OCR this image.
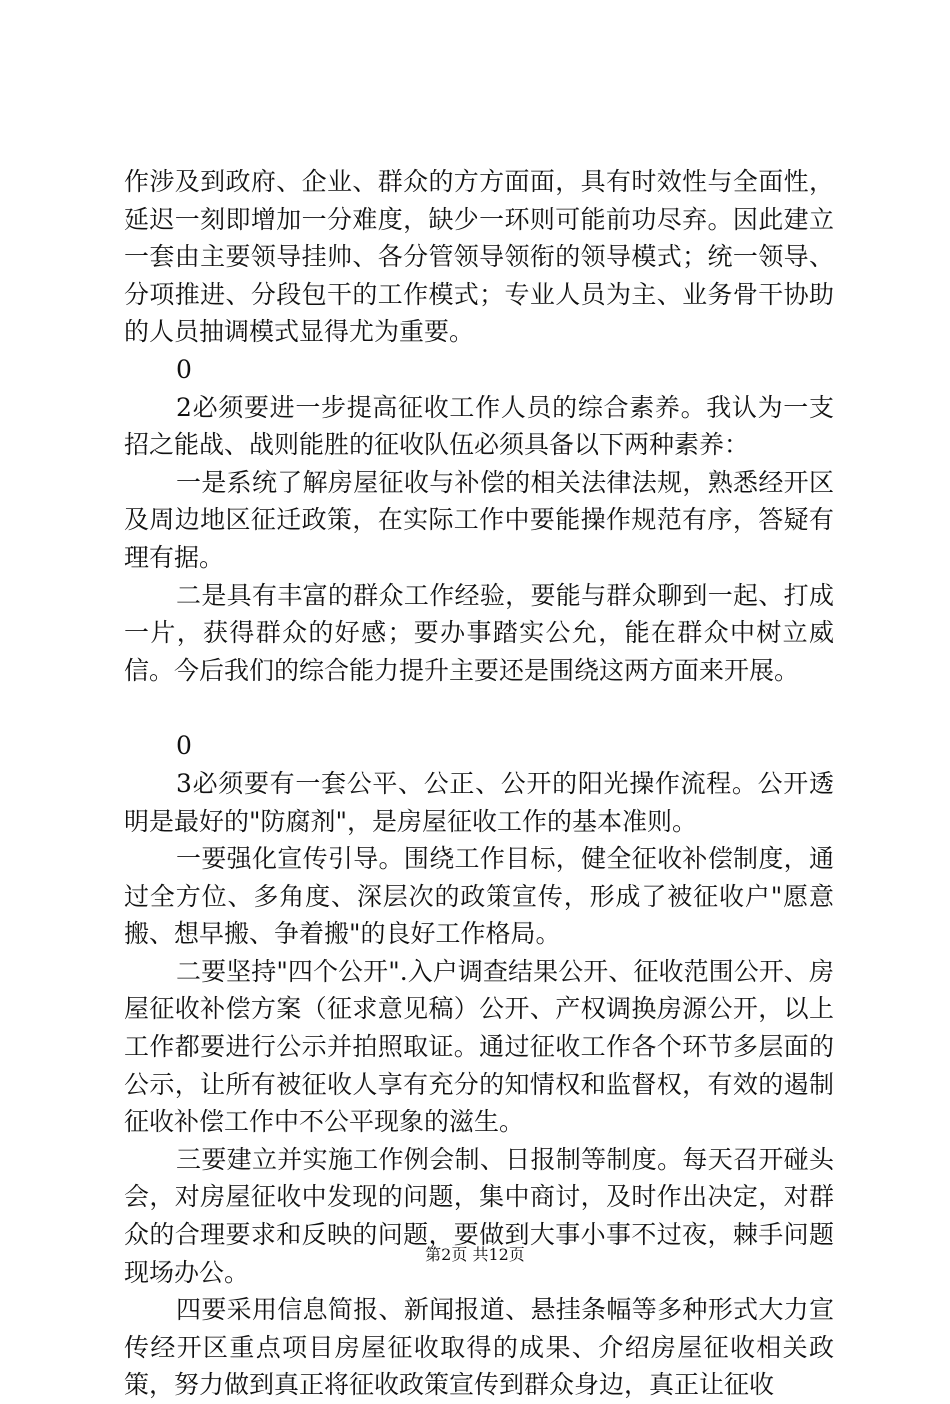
作涉及到政府、企业、群众的方方面面，具有时效性与全面性，延迟一刻即增加一分难度，缺少一环则可能前功尽弃。因此建立一套由主要领导挂帅、各分管领导领衔的领导模式；统一领导、分项推进、分段包干的工作模式；专业人员为主、业务骨干协助的人员抽调模式显得尤为重要。

0

2必须要进一步提高征收工作人员的综合素养。我认为一支招之能战、战则能胜的征收队伍必须具备以下两种素养：

一是系统了解房屋征收与补偿的相关法律法规，熟悉经开区及周边地区征迁政策，在实际工作中要能操作规范有序，答疑有理有据。

二是具有丰富的群众工作经验，要能与群众聊到一起、打成一片，获得群众的好感；要办事踏实公允，能在群众中树立威信。今后我们的综合能力提升主要还是围绕这两方面来开展。

0

3必须要有一套公平、公正、公开的阳光操作流程。公开透明是最好的"防腐剂"，是房屋征收工作的基本准则。

一要强化宣传引导。围绕工作目标，健全征收补偿制度，通过全方位、多角度、深层次的政策宣传，形成了被征收户"愿意搬、想早搬、争着搬"的良好工作格局。

二要坚持"四个公开".入户调查结果公开、征收范围公开、房屋征收补偿方案（征求意见稿）公开、产权调换房源公开，以上工作都要进行公示并拍照取证。通过征收工作各个环节多层面的公示，让所有被征收人享有充分的知情权和监督权，有效的遏制征收补偿工作中不公平现象的滋生。

三要建立并实施工作例会制、日报制等制度。每天召开碰头会，对房屋征收中发现的问题，集中商讨，及时作出决定，对群众的合理要求和反映的问题，要做到大事小事不过夜，棘手问题现场办公。

四要采用信息简报、新闻报道、悬挂条幅等多种形式大力宣传经开区重点项目房屋征收取得的成果、介绍房屋征收相关政策，努力做到真正将征收政策宣传到群众身边，真正让征收

第2页 共12页
